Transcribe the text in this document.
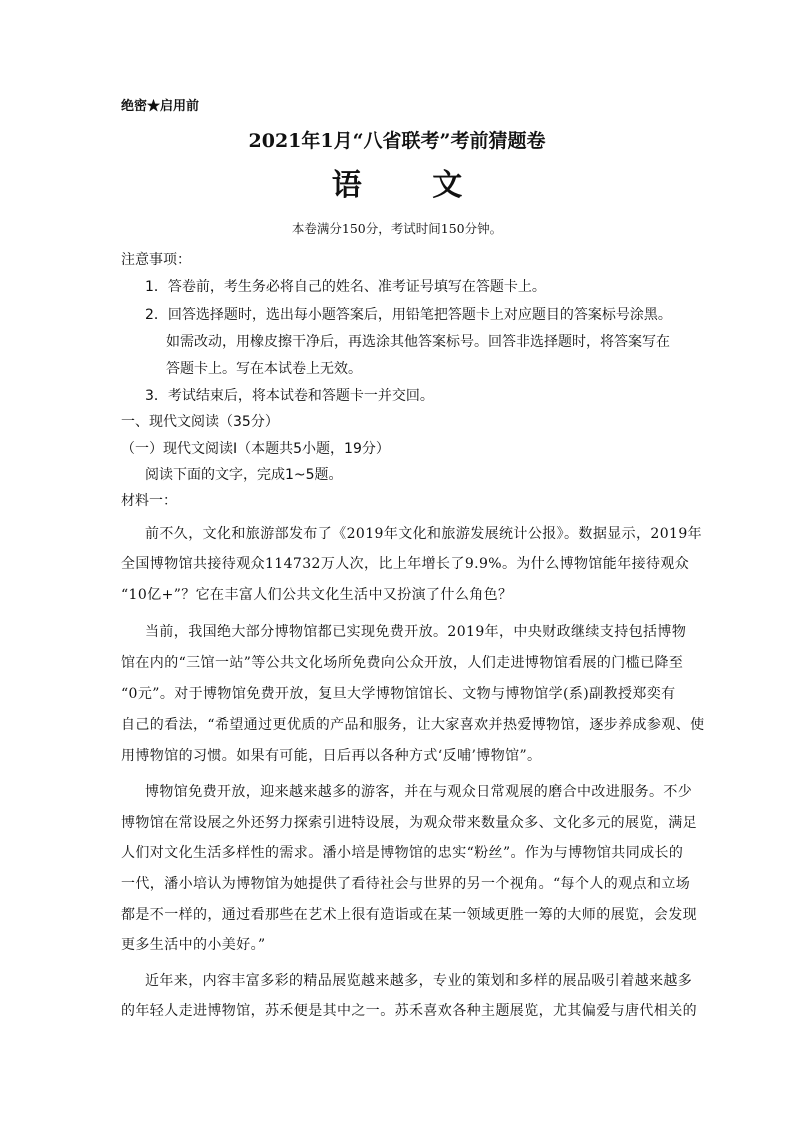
绝密★启用前
2021年1月“八省联考”考前猜题卷
语 文
本卷满分150分，考试时间150分钟。
注意事项：
1．答卷前，考生务必将自己的姓名、准考证号填写在答题卡上。
2．回答选择题时，选出每小题答案后，用铅笔把答题卡上对应题目的答案标号涂黑。
如需改动，用橡皮擦干净后，再选涂其他答案标号。回答非选择题时，将答案写在
答题卡上。写在本试卷上无效。
3．考试结束后，将本试卷和答题卡一并交回。
一、现代文阅读（35分）
（一）现代文阅读Ⅰ（本题共5小题，19分）
阅读下面的文字，完成1~5题。
材料一：
前不久，文化和旅游部发布了《2019年文化和旅游发展统计公报》。数据显示，2019年
全国博物馆共接待观众114732万人次，比上年增长了9.9%。为什么博物馆能年接待观众
“10亿+”？它在丰富人们公共文化生活中又扮演了什么角色？
当前，我国绝大部分博物馆都已实现免费开放。2019年，中央财政继续支持包括博物
馆在内的“三馆一站”等公共文化场所免费向公众开放，人们走进博物馆看展的门槛已降至
“0元”。对于博物馆免费开放，复旦大学博物馆馆长、文物与博物馆学(系)副教授郑奕有
自己的看法，“希望通过更优质的产品和服务，让大家喜欢并热爱博物馆，逐步养成参观、使
用博物馆的习惯。如果有可能，日后再以各种方式‘反哺’博物馆”。
博物馆免费开放，迎来越来越多的游客，并在与观众日常观展的磨合中改进服务。不少
博物馆在常设展之外还努力探索引进特设展，为观众带来数量众多、文化多元的展览，满足
人们对文化生活多样性的需求。潘小培是博物馆的忠实“粉丝”。作为与博物馆共同成长的
一代，潘小培认为博物馆为她提供了看待社会与世界的另一个视角。“每个人的观点和立场
都是不一样的，通过看那些在艺术上很有造诣或在某一领域更胜一筹的大师的展览，会发现
更多生活中的小美好。”
近年来，内容丰富多彩的精品展览越来越多，专业的策划和多样的展品吸引着越来越多
的年轻人走进博物馆，苏禾便是其中之一。苏禾喜欢各种主题展览，尤其偏爱与唐代相关的
